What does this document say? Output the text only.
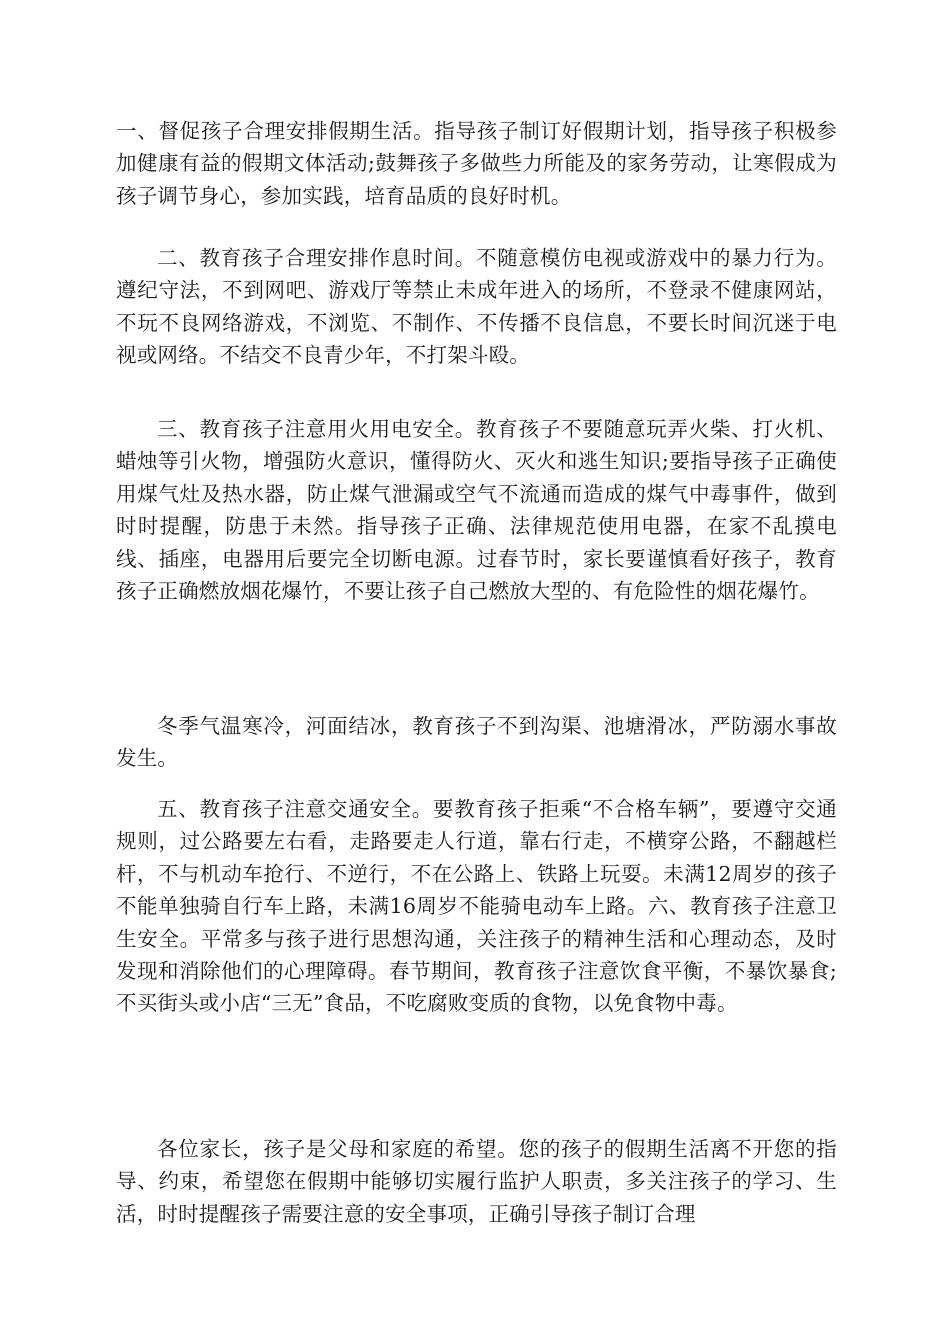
一、督促孩子合理安排假期生活。指导孩子制订好假期计划，指导孩子积极参加健康有益的假期文体活动;鼓舞孩子多做些力所能及的家务劳动，让寒假成为孩子调节身心，参加实践，培育品质的良好时机。

二、教育孩子合理安排作息时间。不随意模仿电视或游戏中的暴力行为。遵纪守法，不到网吧、游戏厅等禁止未成年进入的场所，不登录不健康网站，不玩不良网络游戏，不浏览、不制作、不传播不良信息，不要长时间沉迷于电视或网络。不结交不良青少年，不打架斗殴。

三、教育孩子注意用火用电安全。教育孩子不要随意玩弄火柴、打火机、蜡烛等引火物，增强防火意识，懂得防火、灭火和逃生知识;要指导孩子正确使用煤气灶及热水器，防止煤气泄漏或空气不流通而造成的煤气中毒事件，做到时时提醒，防患于未然。指导孩子正确、法律规范使用电器，在家不乱摸电线、插座，电器用后要完全切断电源。过春节时，家长要谨慎看好孩子，教育孩子正确燃放烟花爆竹，不要让孩子自己燃放大型的、有危险性的烟花爆竹。

冬季气温寒冷，河面结冰，教育孩子不到沟渠、池塘滑冰，严防溺水事故发生。

五、教育孩子注意交通安全。要教育孩子拒乘“不合格车辆”，要遵守交通规则，过公路要左右看，走路要走人行道，靠右行走，不横穿公路，不翻越栏杆，不与机动车抢行、不逆行，不在公路上、铁路上玩耍。未满12周岁的孩子不能单独骑自行车上路，未满16周岁不能骑电动车上路。六、教育孩子注意卫生安全。平常多与孩子进行思想沟通，关注孩子的精神生活和心理动态，及时发现和消除他们的心理障碍。春节期间，教育孩子注意饮食平衡，不暴饮暴食;不买街头或小店“三无”食品，不吃腐败变质的食物，以免食物中毒。

各位家长，孩子是父母和家庭的希望。您的孩子的假期生活离不开您的指导、约束，希望您在假期中能够切实履行监护人职责，多关注孩子的学习、生活，时时提醒孩子需要注意的安全事项，正确引导孩子制订合理
